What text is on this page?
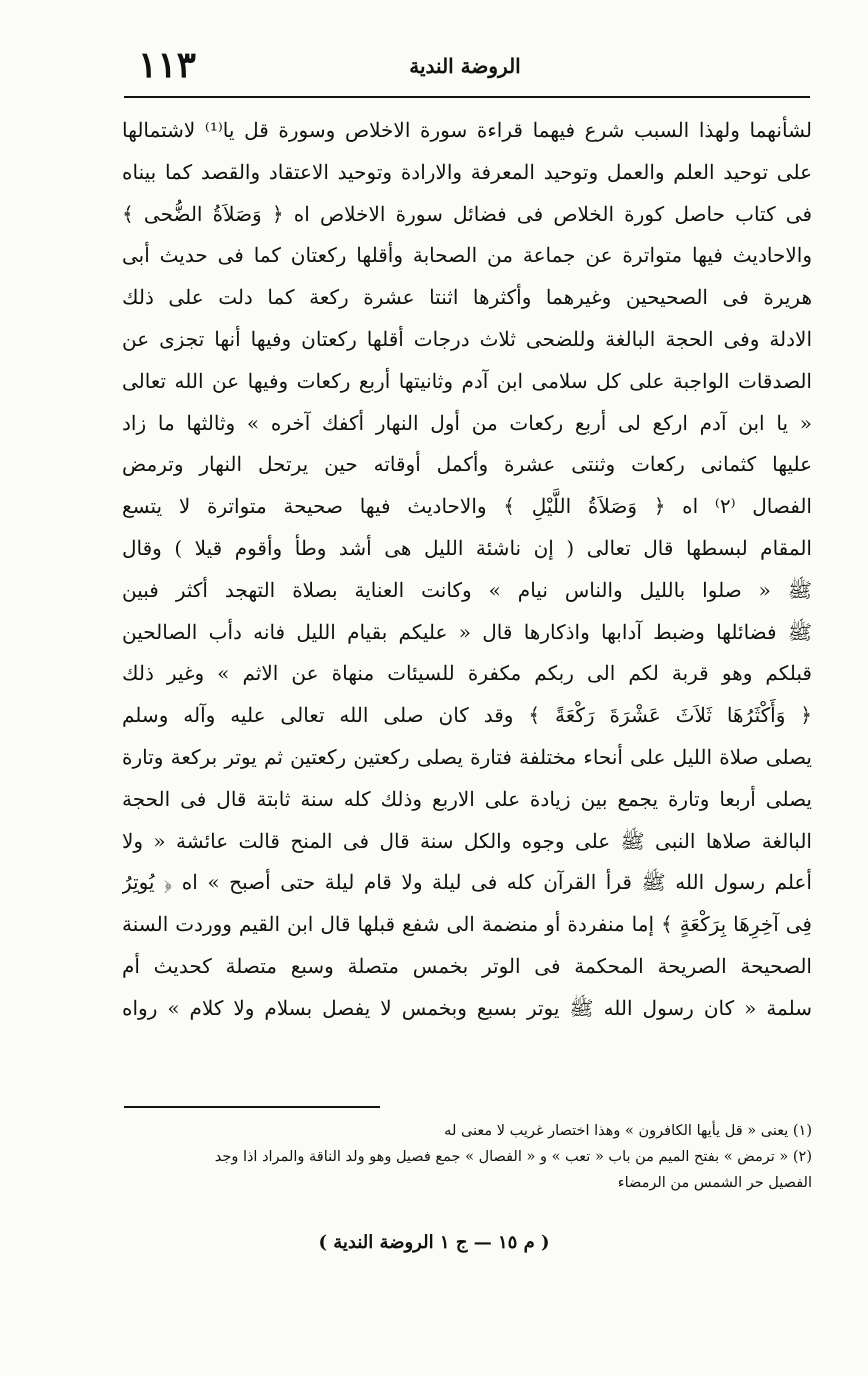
الروضة الندية
١١٣
لشأنهما ولهذا السبب شرع فيهما قراءة سورة الاخلاص وسورة قل يا⁽¹⁾ لاشتمالها
على توحيد العلم والعمل وتوحيد المعرفة والارادة وتوحيد الاعتقاد والقصد كما بيناه
فى كتاب حاصل كورة الخلاص فى فضائل سورة الاخلاص اه ﴿ وَصَلاَةُ الضُّحى ﴾
والاحاديث فيها متواترة عن جماعة من الصحابة وأقلها ركعتان كما فى حديث أبى
هريرة فى الصحيحين وغيرهما وأكثرها اثنتا عشرة ركعة كما دلت على ذلك
الادلة وفى الحجة البالغة وللضحى ثلاث درجات أقلها ركعتان وفيها أنها تجزى عن
الصدقات الواجبة على كل سلامى ابن آدم وثانيتها أربع ركعات وفيها عن الله تعالى
« يا ابن آدم اركع لى أربع ركعات من أول النهار أكفك آخره » وثالثها ما زاد
عليها كثمانى ركعات وثنتى عشرة وأكمل أوقاته حين يرتحل النهار وترمض
الفصال ⁽٢⁾ اه ﴿ وَصَلاَةُ اللَّيْلِ ﴾ والاحاديث فيها صحيحة متواترة لا يتسع
المقام لبسطها قال تعالى ( إن ناشئة الليل هى أشد وطأ وأقوم قيلا ) وقال
ﷺ « صلوا بالليل والناس نيام » وكانت العناية بصلاة التهجد أكثر فبين
ﷺ فضائلها وضبط آدابها واذكارها قال « عليكم بقيام الليل فانه دأب الصالحين
قبلكم وهو قربة لكم الى ربكم مكفرة للسيئات منهاة عن الاثم » وغير ذلك
﴿ وَأَكْثَرُهَا ثَلاَثَ عَشْرَةَ رَكْعَةً ﴾ وقد كان صلى الله تعالى عليه وآله وسلم
يصلى صلاة الليل على أنحاء مختلفة فتارة يصلى ركعتين ركعتين ثم يوتر بركعة وتارة
يصلى أربعا وتارة يجمع بين زيادة على الاربع وذلك كله سنة ثابتة قال فى الحجة
البالغة صلاها النبى ﷺ على وجوه والكل سنة قال فى المنح قالت عائشة « ولا
أعلم رسول الله ﷺ قرأ القرآن كله فى ليلة ولا قام ليلة حتى أصبح » اه ﴿ يُوتِرُ
فِى آخِرِهَا بِرَكْعَةٍ ﴾ إما منفردة أو منضمة الى شفع قبلها قال ابن القيم ووردت السنة
الصحيحة الصريحة المحكمة فى الوتر بخمس متصلة وسبع متصلة كحديث أم
سلمة « كان رسول الله ﷺ يوتر بسبع وبخمس لا يفصل بسلام ولا كلام » رواه
(١) يعنى « قل يأيها الكافرون » وهذا اختصار غريب لا معنى له
(٢) « ترمض » بفتح الميم من باب « تعب » و « الفصال » جمع فصيل وهو ولد الناقة والمراد اذا وجد
الفصيل حر الشمس من الرمضاء
( م ١٥ — ج ١ الروضة الندية )
